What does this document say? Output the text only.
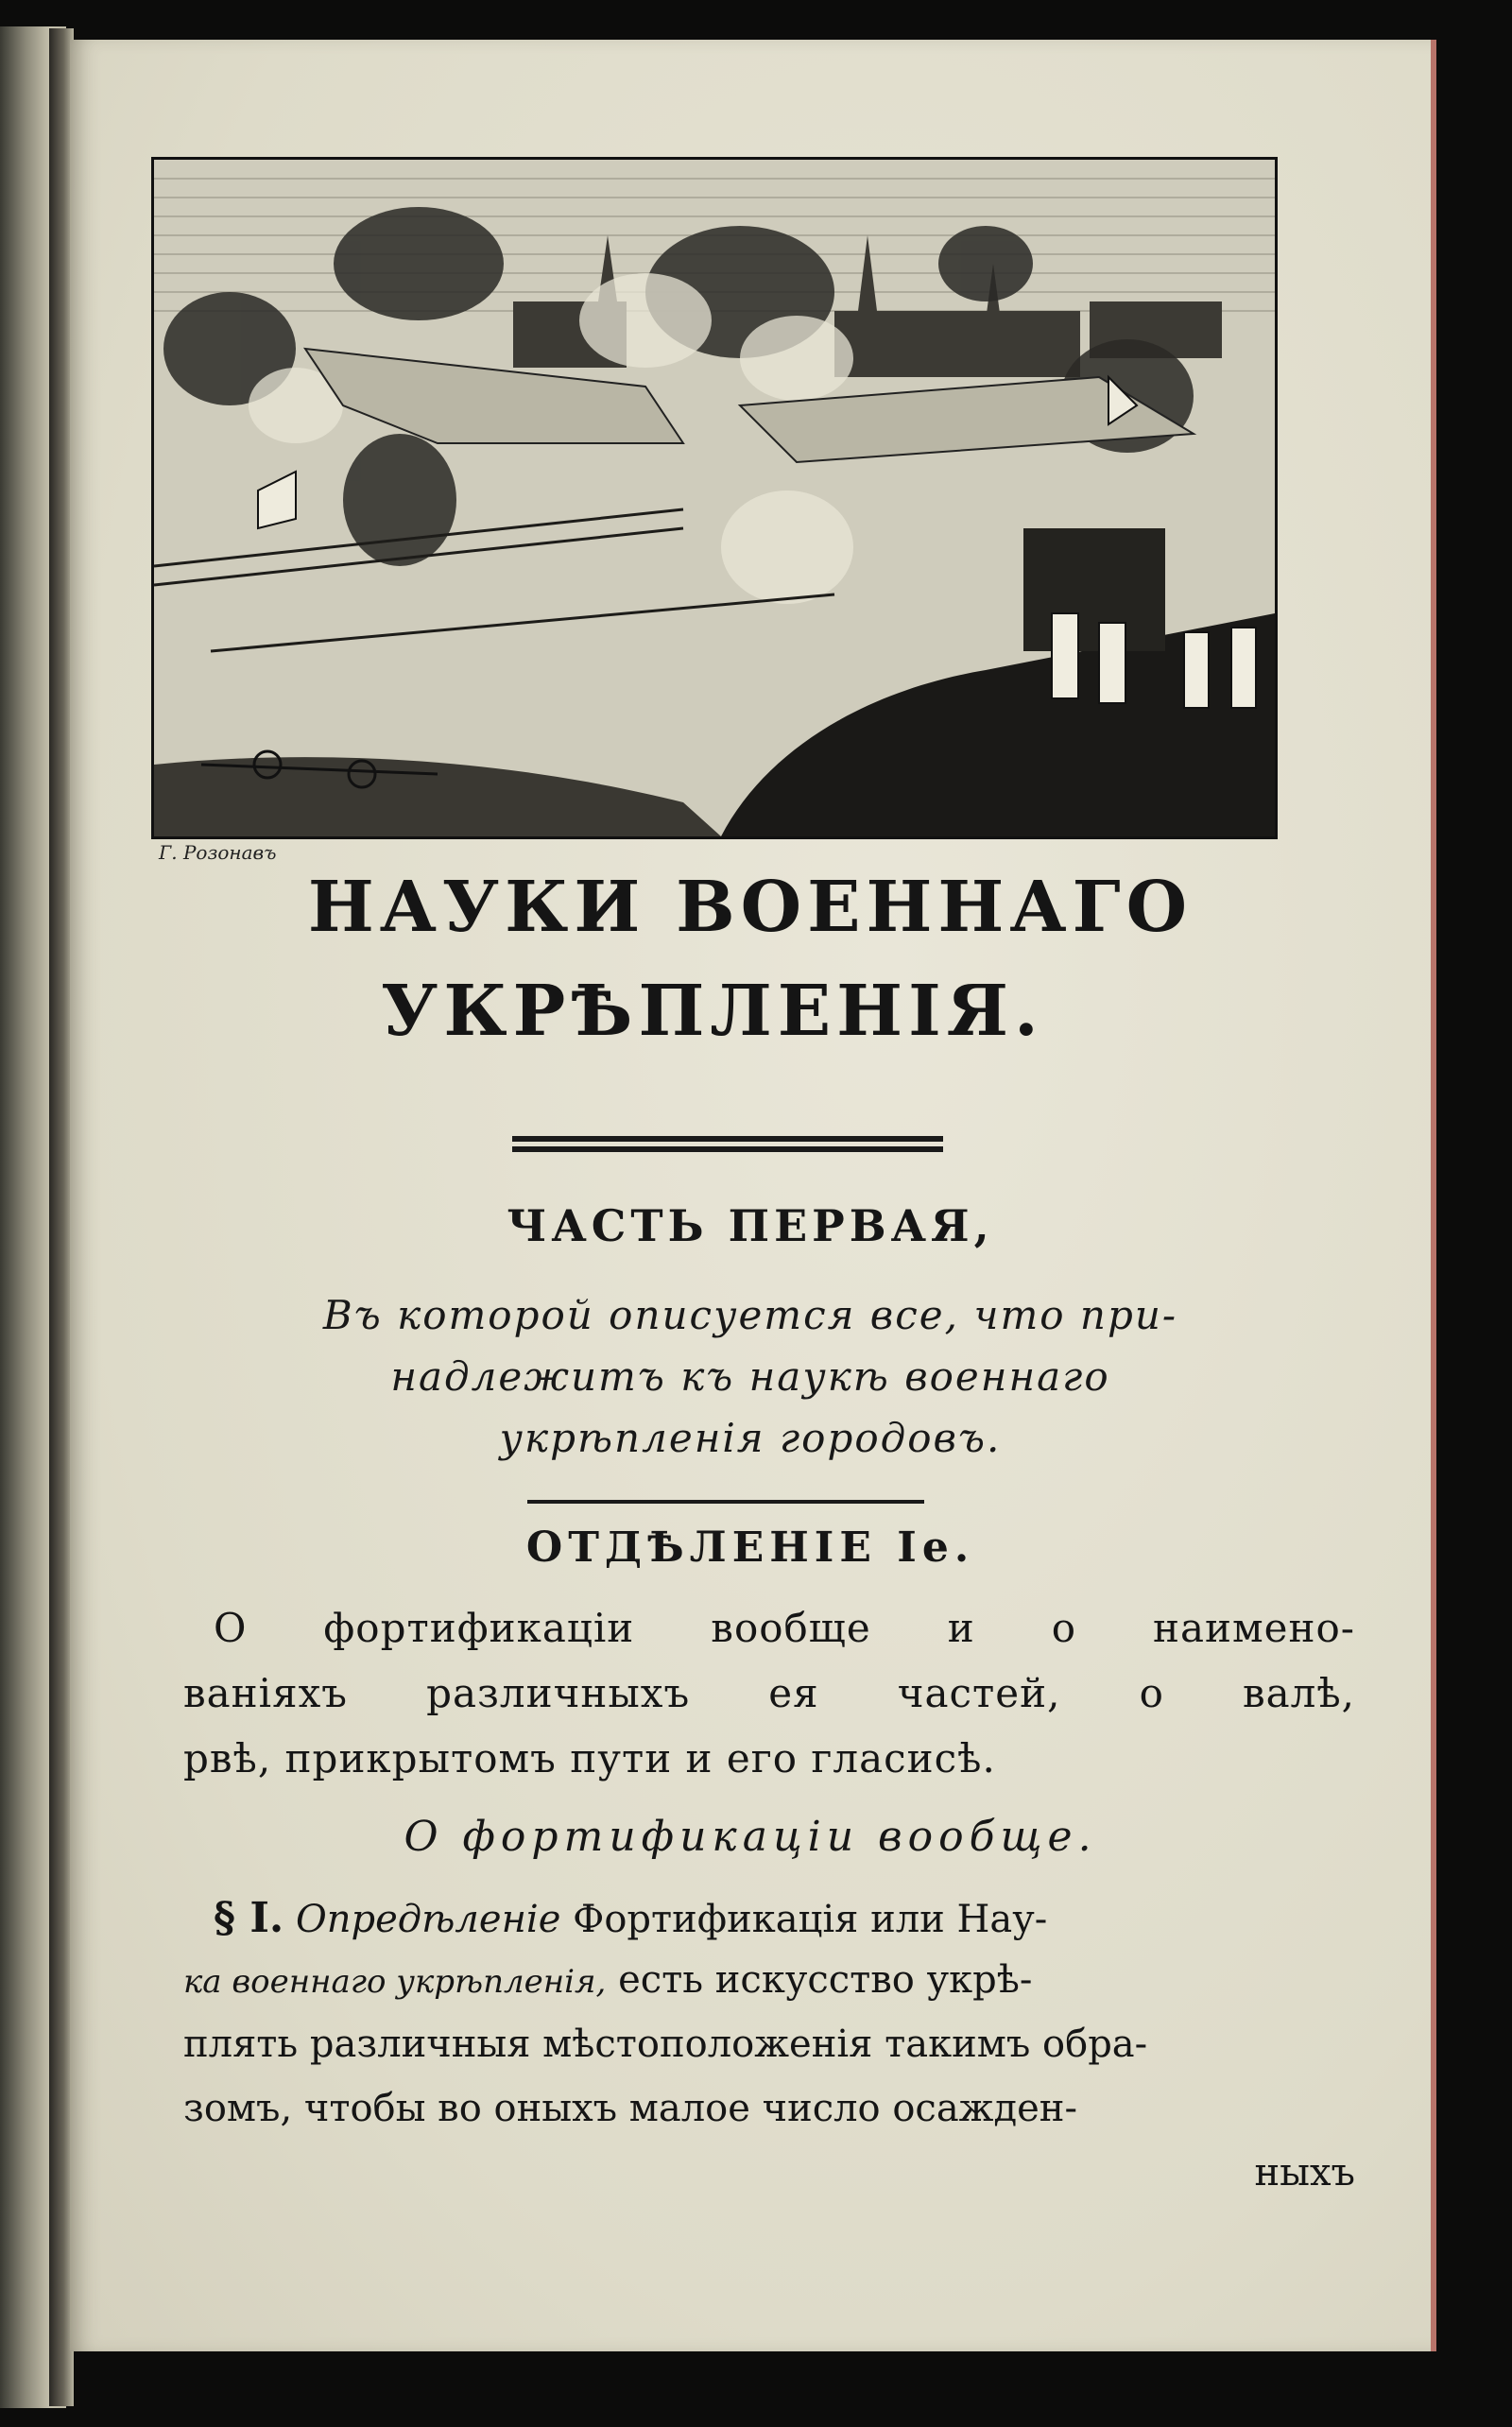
Г. Розонавъ
НАУКИ ВОЕННАГО
УКРѢПЛЕНІЯ.
ЧАСТЬ ПЕРВАЯ,
Въ которой описуется все, что при-
надлежитъ къ наукѣ военнаго
укрѣпленія городовъ.
ОТДѢЛЕНІЕ Iе.
О фортификаціи вообще и о наимено-
ваніяхъ различныхъ ея частей, о валѣ,
рвѣ, прикрытомъ пути и его гласисѣ.
О фортификаціи вообще.
§ I. Опредѣленіе Фортификація или Нау-
ка военнаго укрѣпленія, есть искусство укрѣ-
плять различныя мѣстоположенія такимъ обра-
зомъ, чтобы во оныхъ малое число осажден-
ныхъ
